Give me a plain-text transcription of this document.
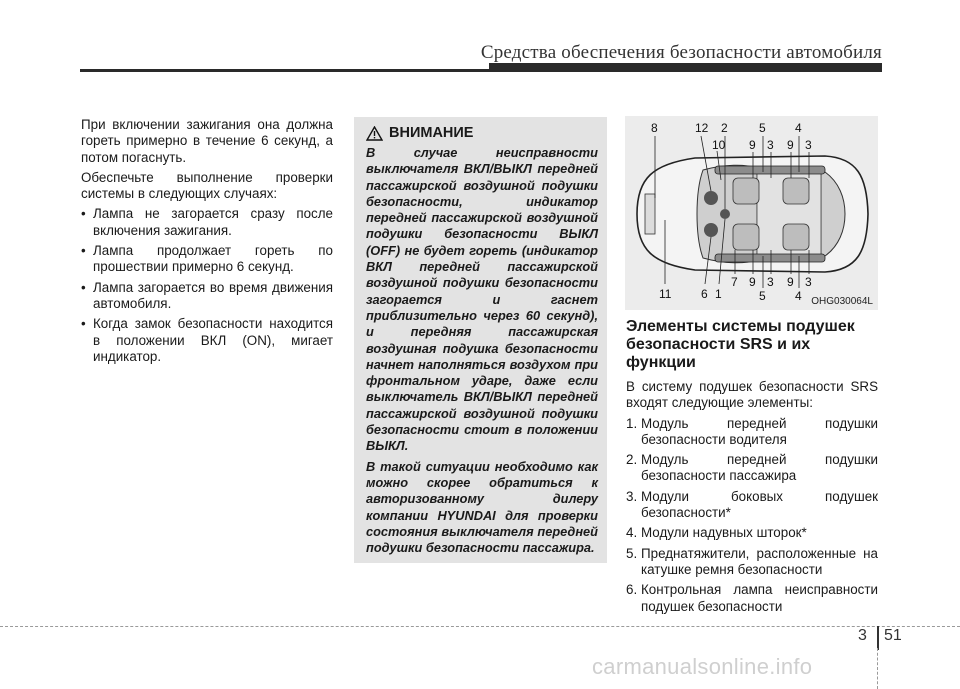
Средства обеспечения безопасности автомобиля

При включении зажигания она должна гореть примерно в течение 6 секунд, а потом погаснуть.

Обеспечьте выполнение проверки системы в следующих случаях:

• Лампа не загорается сразу после включения зажигания.
• Лампа продолжает гореть по прошествии примерно 6 секунд.
• Лампа загорается во время движения автомобиля.
• Когда замок безопасности находится в положении ВКЛ (ON), мигает индикатор.
ВНИМАНИЕ

В случае неисправности выключателя ВКЛ/ВЫКЛ передней пассажирской воздушной подушки безопасности, индикатор передней пассажирской воздушной подушки безопасности ВЫКЛ (OFF) не будет гореть (индикатор ВКЛ передней пассажирской воздушной подушки безопасности загорается и гаснет приблизительно через 60 секунд), и передняя пассажирская воздушная подушка безопасности начнет наполняться воздухом при фронтальном ударе, даже если выключатель ВКЛ/ВЫКЛ передней пассажирской воздушной подушки безопасности стоит в положении ВЫКЛ.

В такой ситуации необходимо как можно скорее обратиться к авторизованному дилеру компании HYUNDAI для проверки состояния выключателя передней подушки безопасности пассажира.

8	12 2
10
5 4
9 3 9 3
11 6 1
7 9 3 9 3
5 4 OHG030064L
Элементы системы подушек безопасности SRS и их функции

В систему подушек безопасности SRS входят следующие элементы:

1. Модуль передней подушки безопасности водителя
2. Модуль передней подушки безопасности пассажира
3. Модули боковых подушек безопасности*
4. Модули надувных шторок*
5. Преднатяжители, расположенные на катушке ремня безопасности
6. Контрольная лампа неисправности подушек безопасности
3 51
carmanualsonline.info
